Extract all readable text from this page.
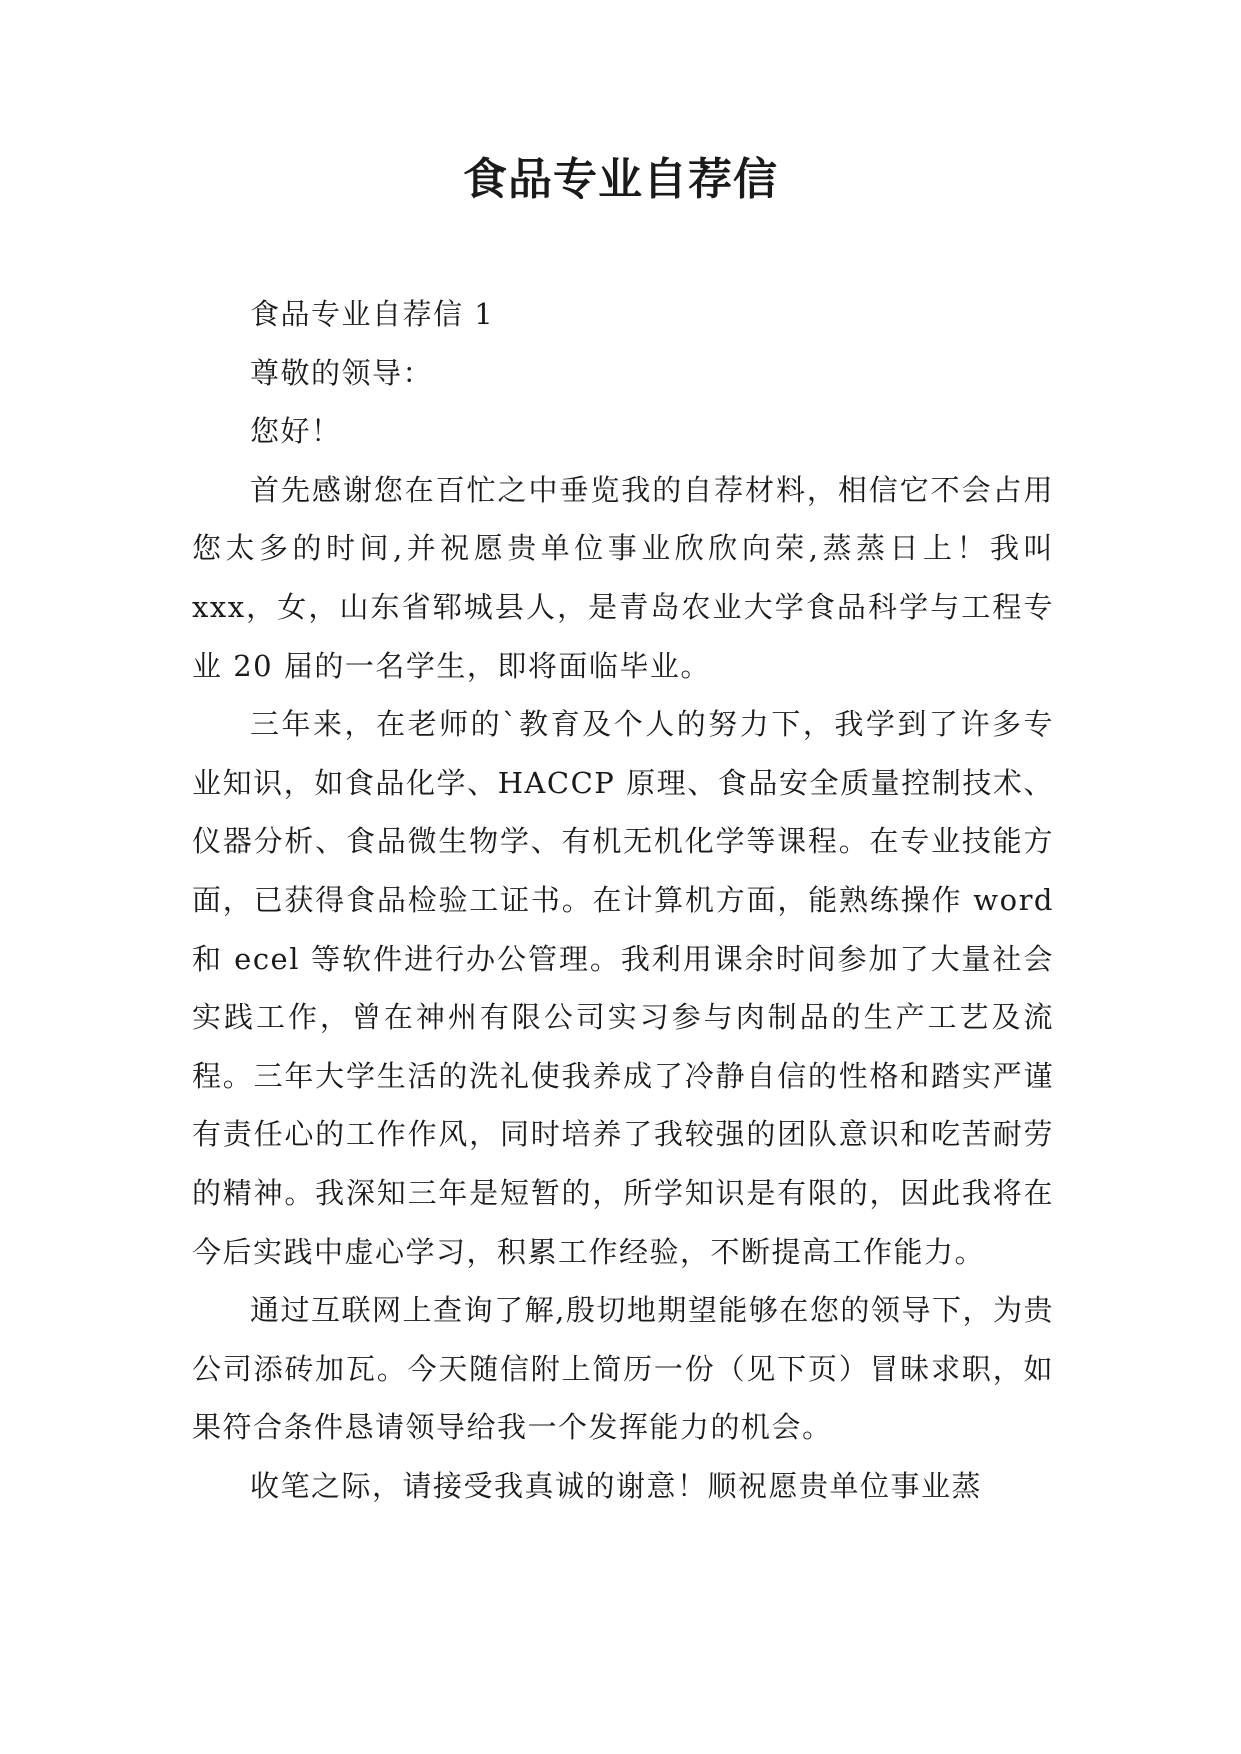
食品专业自荐信

食品专业自荐信 1

尊敬的领导：

您好！

首先感谢您在百忙之中垂览我的自荐材料，相信它不会占用您太多的时间,并祝愿贵单位事业欣欣向荣,蒸蒸日上！我叫 xxx，女，山东省郓城县人，是青岛农业大学食品科学与工程专业 20 届的一名学生，即将面临毕业。

三年来，在老师的`教育及个人的努力下，我学到了许多专业知识，如食品化学、HACCP 原理、食品安全质量控制技术、仪器分析、食品微生物学、有机无机化学等课程。在专业技能方面，已获得食品检验工证书。在计算机方面，能熟练操作 word 和 ecel 等软件进行办公管理。我利用课余时间参加了大量社会实践工作，曾在神州有限公司实习参与肉制品的生产工艺及流程。三年大学生活的洗礼使我养成了冷静自信的性格和踏实严谨有责任心的工作作风，同时培养了我较强的团队意识和吃苦耐劳的精神。我深知三年是短暂的，所学知识是有限的，因此我将在今后实践中虚心学习，积累工作经验，不断提高工作能力。

通过互联网上查询了解,殷切地期望能够在您的领导下，为贵公司添砖加瓦。今天随信附上简历一份（见下页）冒昧求职，如果符合条件恳请领导给我一个发挥能力的机会。

收笔之际，请接受我真诚的谢意！顺祝愿贵单位事业蒸
